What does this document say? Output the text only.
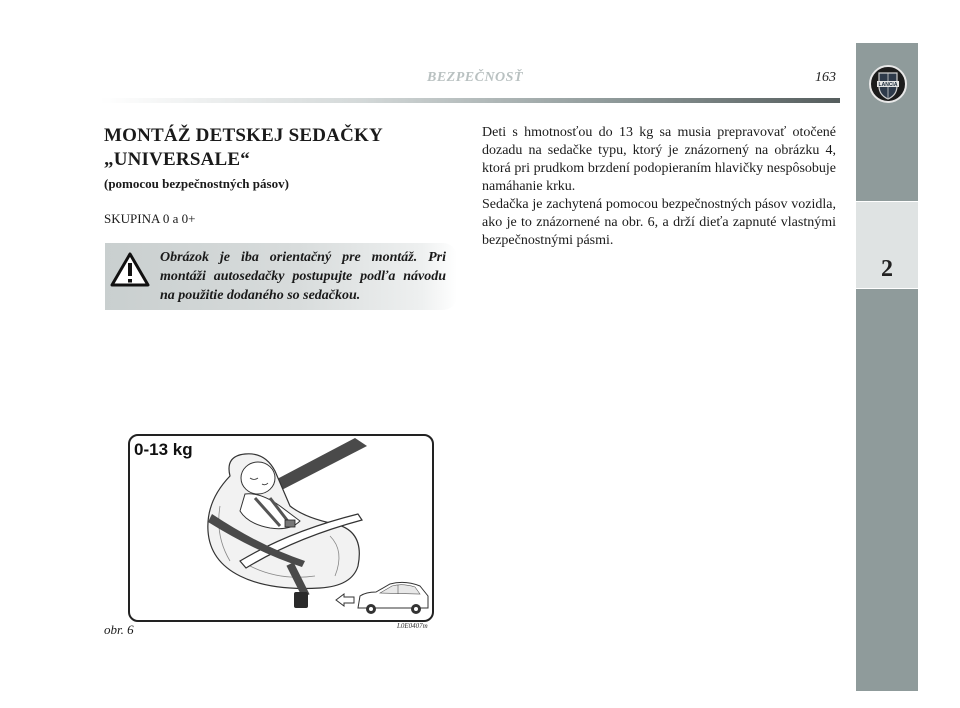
BEZPEČNOSŤ	163
2
LANCIA
MONTÁŽ DETSKEJ SEDAČKY
„UNIVERSALE“
(pomocou bezpečnostných pásov)
SKUPINA 0 a 0+
Obrázok je iba orientačný pre montáž. Pri montáži autosedačky postupujte podľa návodu na použitie dodaného so sedačkou.
0-13 kg
L0E0407m
obr. 6

Deti s hmotnosťou do 13 kg sa musia prepravovať otočené dozadu na sedačke typu, ktorý je znázornený na obrázku 4, ktorá pri prudkom brzdení podopieraním hlavičky nespôsobuje namáhanie krku.

Sedačka je zachytená pomocou bezpečnostných pásov vozidla, ako je to znázornené na obr. 6, a drží dieťa zapnuté vlastnými bezpečnostnými pásmi.
